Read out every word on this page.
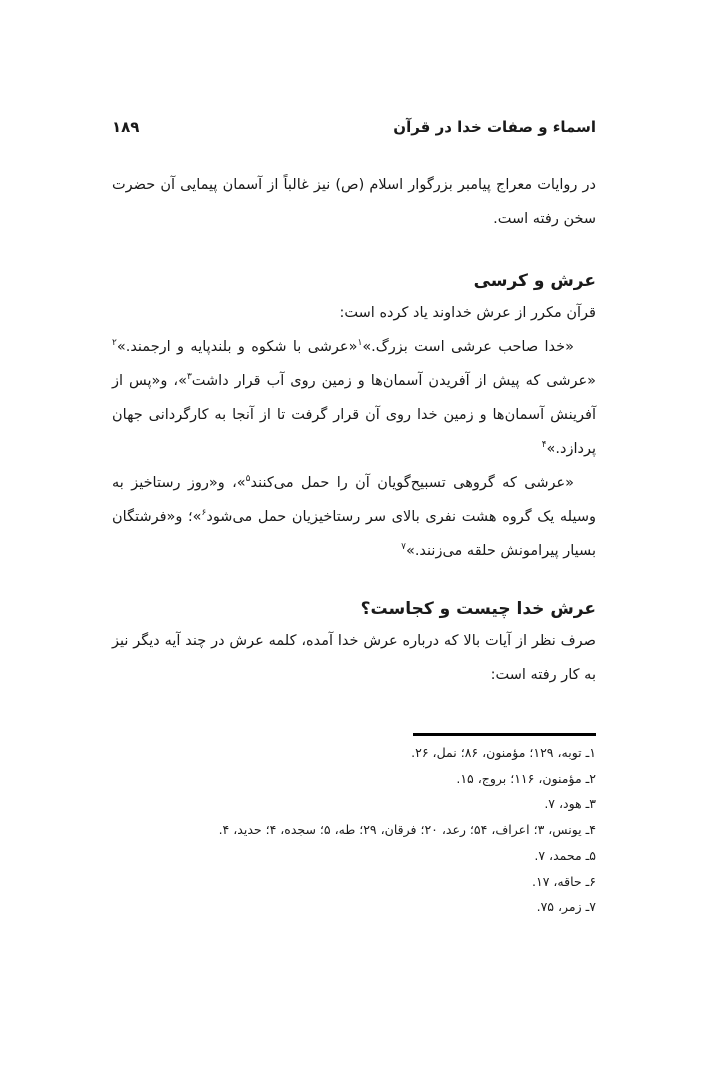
اسماء و صفات خدا در قرآن
۱۸۹

در روایات معراج پیامبر بزرگوار اسلام (ص) نیز غالباً از آسمان پیمایی آن حضرت سخن رفته است.

عرش و کرسی

قرآن مکرر از عرش خداوند یاد کرده است:

«خدا صاحب عرشی است بزرگ.»$^۱$«عرشی با شکوه و بلندپایه و ارجمند.»$^۲$ «عرشی که پیش از آفریدن آسمان‌ها و زمین روی آب قرار داشت$^۳$»، و«پس از آفرینش آسمان‌ها و زمین خدا روی آن قرار گرفت تا از آنجا به کارگردانی جهان پردازد.»$^۴$

«عرشی که گروهی تسبیح‌گویان آن را حمل می‌کنند$^۵$»، و«روز رستاخیز به وسیله یک گروه هشت نفری بالای سر رستاخیزیان حمل می‌شود$^۶$»؛ و«فرشتگان بسیار پیرامونش حلقه می‌زنند.»$^۷$

عرش خدا چیست و کجاست؟

صرف نظر از آیات بالا که درباره عرش خدا آمده، کلمه عرش در چند آیه دیگر نیز به کار رفته است:

۱ـ توبه، ۱۲۹؛ مؤمنون، ۸۶؛ نمل، ۲۶.
۲ـ مؤمنون، ۱۱۶؛ بروج، ۱۵.
۳ـ هود، ۷.
۴ـ یونس، ۳؛ اعراف، ۵۴؛ رعد، ۲۰؛ فرقان، ۲۹؛ طه، ۵؛ سجده، ۴؛ حدید، ۴.
۵ـ محمد، ۷.
۶ـ حاقه، ۱۷.
۷ـ زمر، ۷۵.
